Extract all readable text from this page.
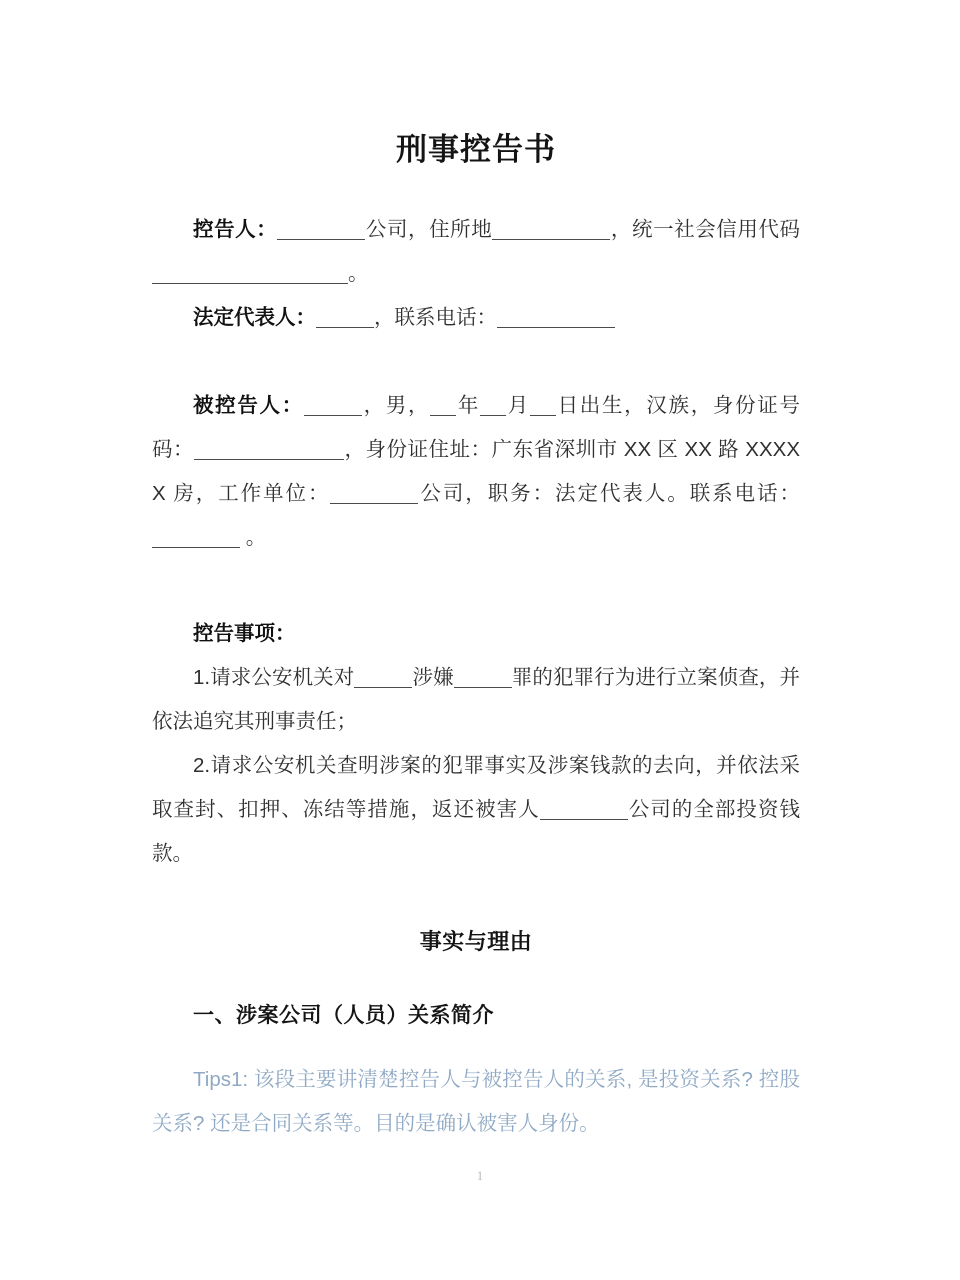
刑事控告书

控告人：	公司，住所地	，统一社会信用代码。

法定代表人：	，联系电话：

被控告人：	，男， 年 月 日出生，汉族，身份证号码：	，身份证住址：广东省深圳市 XX 区 XX 路 XXXXX 房，工作单位：	公司，职务：法定代表人。联系电话： 。

控告事项：

1.请求公安机关对	涉嫌	罪的犯罪行为进行立案侦查，并依法追究其刑事责任；

2.请求公安机关查明涉案的犯罪事实及涉案钱款的去向，并依法采取查封、扣押、冻结等措施，返还被害人	公司的全部投资钱款。

事实与理由
一、涉案公司（人员）关系简介

Tips1: 该段主要讲清楚控告人与被控告人的关系, 是投资关系? 控股关系? 还是合同关系等。目的是确认被害人身份。

1
